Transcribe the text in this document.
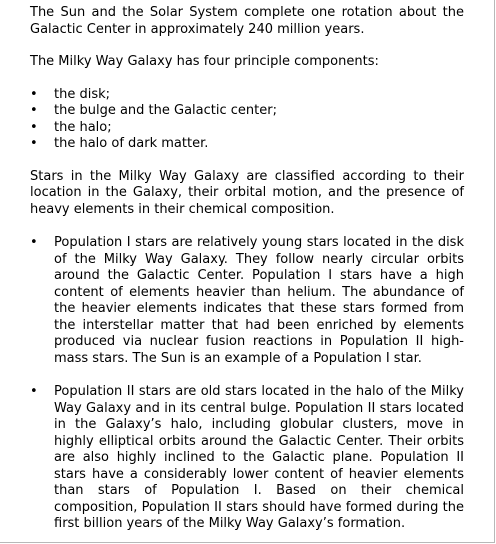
The Sun and the Solar System complete one rotation about the Galactic Center in approximately 240 million years.

The Milky Way Galaxy has four principle components:

• the disk;
• the bulge and the Galactic center;
• the halo;
• the halo of dark matter.

Stars in the Milky Way Galaxy are classified according to their location in the Galaxy, their orbital motion, and the presence of heavy elements in their chemical composition.

• Population I stars are relatively young stars located in the disk of the Milky Way Galaxy. They follow nearly circular orbits around the Galactic Center. Population I stars have a high content of elements heavier than helium. The abundance of the heavier elements indicates that these stars formed from the interstellar matter that had been enriched by elements produced via nuclear fusion reactions in Population II high-mass stars. The Sun is an example of a Population I star.

• Population II stars are old stars located in the halo of the Milky Way Galaxy and in its central bulge. Population II stars located in the Galaxy’s halo, including globular clusters, move in highly elliptical orbits around the Galactic Center. Their orbits are also highly inclined to the Galactic plane. Population II stars have a considerably lower content of heavier elements than stars of Population I. Based on their chemical composition, Population II stars should have formed during the first billion years of the Milky Way Galaxy’s formation.
